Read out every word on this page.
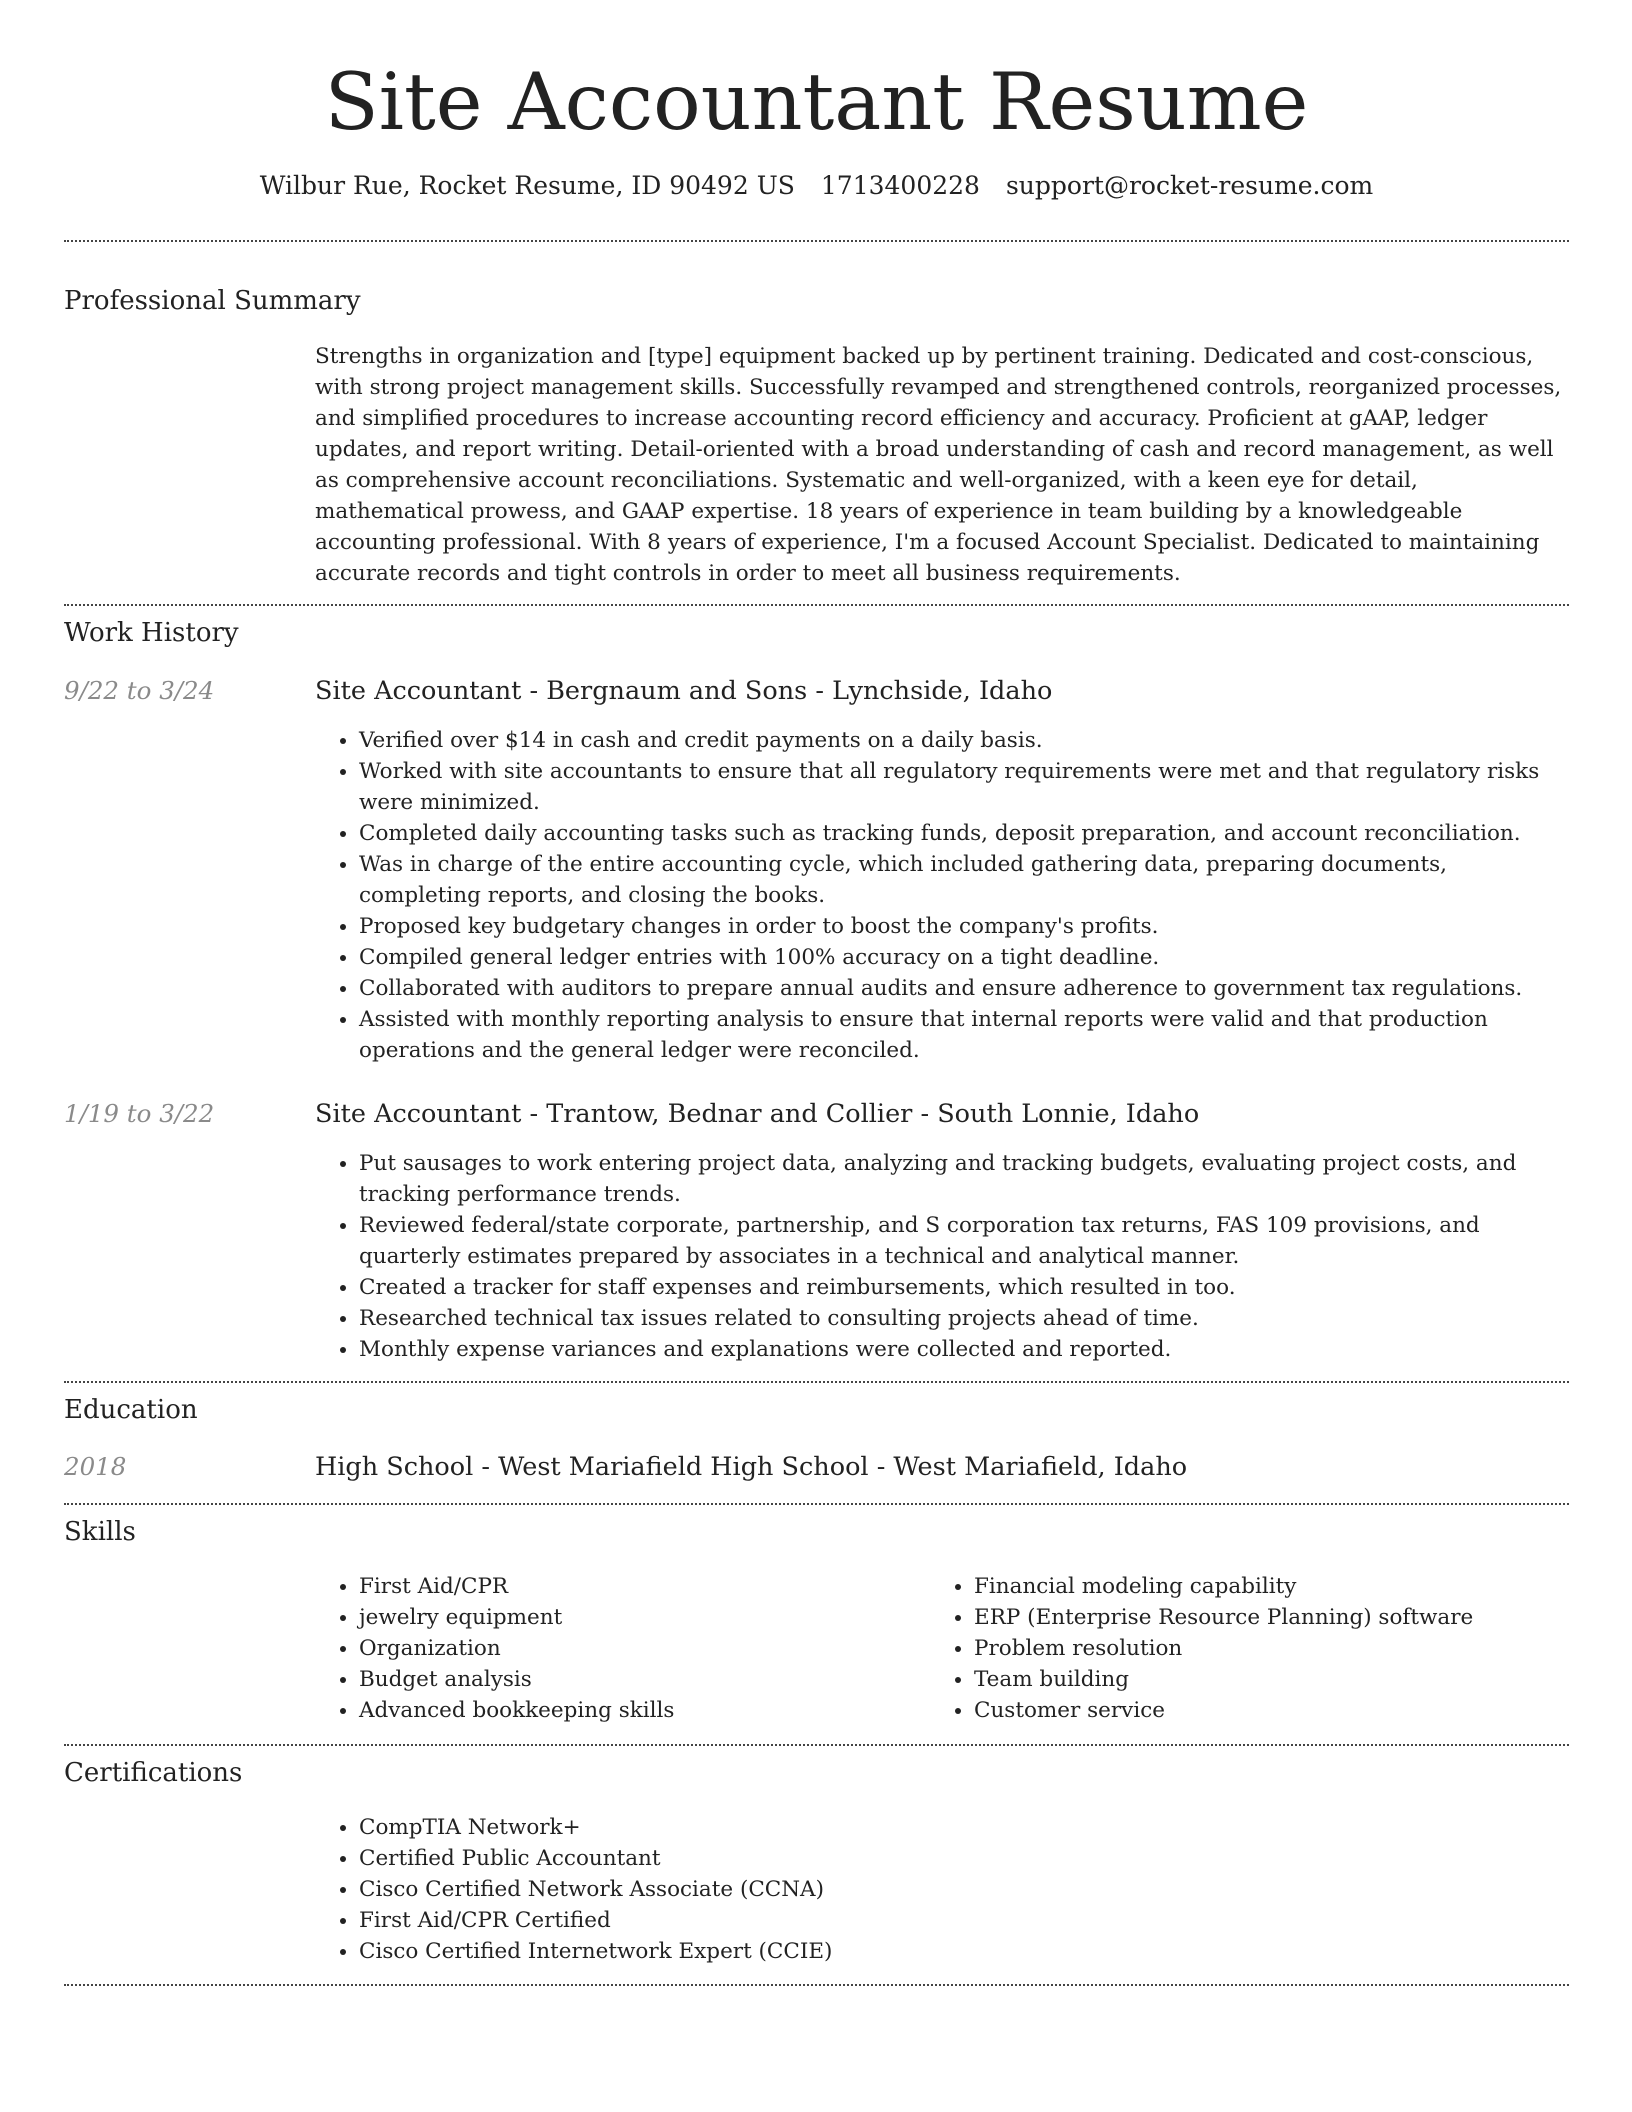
Site Accountant Resume
Wilbur Rue, Rocket Resume, ID 90492 US 1713400228 support@rocket-resume.com
Professional Summary
Strengths in organization and [type] equipment backed up by pertinent training. Dedicated and cost-conscious, with strong project management skills. Successfully revamped and strengthened controls, reorganized processes, and simplified procedures to increase accounting record efficiency and accuracy. Proficient at gAAP, ledger updates, and report writing. Detail-oriented with a broad understanding of cash and record management, as well as comprehensive account reconciliations. Systematic and well-organized, with a keen eye for detail, mathematical prowess, and GAAP expertise. 18 years of experience in team building by a knowledgeable accounting professional. With 8 years of experience, I'm a focused Account Specialist. Dedicated to maintaining accurate records and tight controls in order to meet all business requirements.
Work History
9/22 to 3/24	Site Accountant - Bergnaum and Sons - Lynchside, Idaho
• Verified over $14 in cash and credit payments on a daily basis.
• Worked with site accountants to ensure that all regulatory requirements were met and that regulatory risks were minimized.
• Completed daily accounting tasks such as tracking funds, deposit preparation, and account reconciliation.
• Was in charge of the entire accounting cycle, which included gathering data, preparing documents, completing reports, and closing the books.
• Proposed key budgetary changes in order to boost the company's profits.
• Compiled general ledger entries with 100% accuracy on a tight deadline.
• Collaborated with auditors to prepare annual audits and ensure adherence to government tax regulations.
• Assisted with monthly reporting analysis to ensure that internal reports were valid and that production operations and the general ledger were reconciled.
1/19 to 3/22	Site Accountant - Trantow, Bednar and Collier - South Lonnie, Idaho
• Put sausages to work entering project data, analyzing and tracking budgets, evaluating project costs, and tracking performance trends.
• Reviewed federal/state corporate, partnership, and S corporation tax returns, FAS 109 provisions, and quarterly estimates prepared by associates in a technical and analytical manner.
• Created a tracker for staff expenses and reimbursements, which resulted in too.
• Researched technical tax issues related to consulting projects ahead of time.
• Monthly expense variances and explanations were collected and reported.
Education
2018	High School - West Mariafield High School - West Mariafield, Idaho
Skills
• First Aid/CPR
• jewelry equipment
• Organization
• Budget analysis
• Advanced bookkeeping skills
• Financial modeling capability
• ERP (Enterprise Resource Planning) software
• Problem resolution
• Team building
• Customer service
Certifications
• CompTIA Network+
• Certified Public Accountant
• Cisco Certified Network Associate (CCNA)
• First Aid/CPR Certified
• Cisco Certified Internetwork Expert (CCIE)
